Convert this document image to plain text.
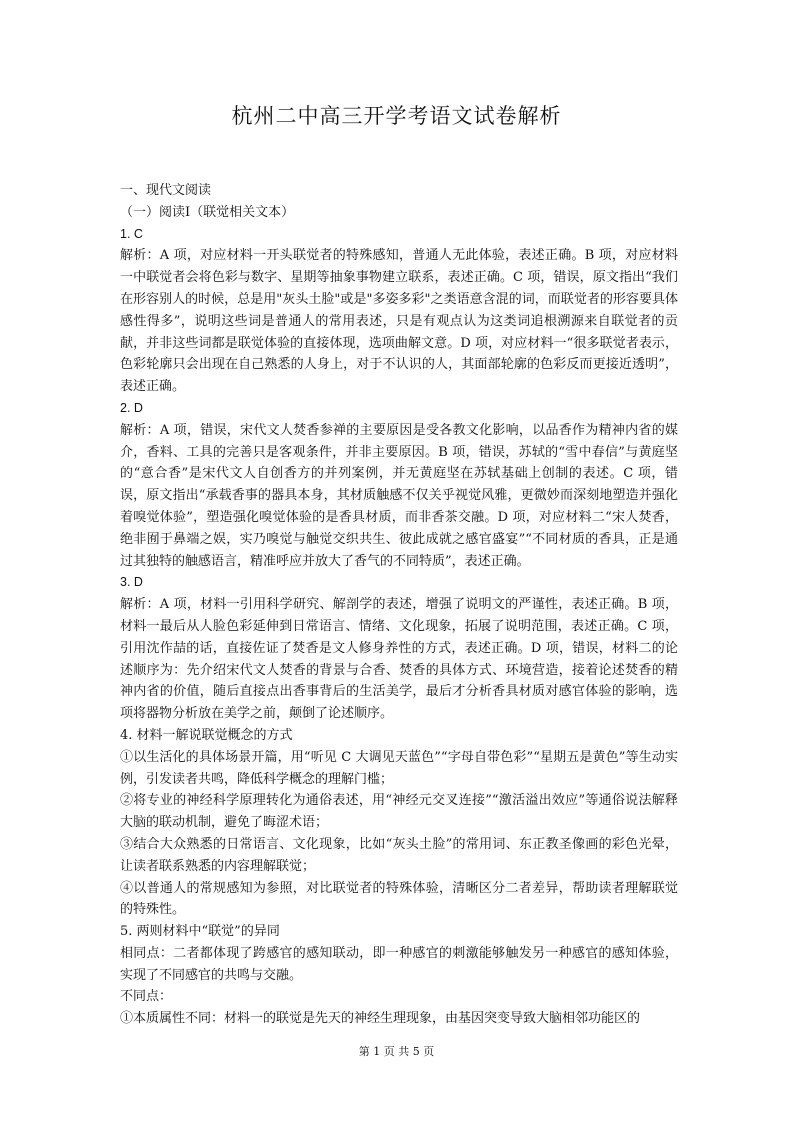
杭州二中高三开学考语文试卷解析

一、现代文阅读

（一）阅读Ⅰ（联觉相关文本）

1. C

解析：A 项，对应材料一开头联觉者的特殊感知，普通人无此体验，表述正确。B 项，对应材料一中联觉者会将色彩与数字、星期等抽象事物建立联系，表述正确。C 项，错误，原文指出“我们在形容别人的时候，总是用"灰头土脸"或是"多姿多彩"之类语意含混的词，而联觉者的形容要具体感性得多”，说明这些词是普通人的常用表述，只是有观点认为这类词追根溯源来自联觉者的贡献，并非这些词都是联觉体验的直接体现，选项曲解文意。D 项，对应材料一“很多联觉者表示，色彩轮廓只会出现在自己熟悉的人身上，对于不认识的人，其面部轮廓的色彩反而更接近透明”，表述正确。

2. D

解析：A 项，错误，宋代文人焚香参禅的主要原因是受各教文化影响，以品香作为精神内省的媒介，香料、工具的完善只是客观条件，并非主要原因。B 项，错误，苏轼的“雪中春信”与黄庭坚的“意合香”是宋代文人自创香方的并列案例，并无黄庭坚在苏轼基础上创制的表述。C 项，错误，原文指出“承载香事的器具本身，其材质触感不仅关乎视觉风雅，更微妙而深刻地塑造并强化着嗅觉体验”，塑造强化嗅觉体验的是香具材质，而非香茶交融。D 项，对应材料二“宋人焚香，绝非囿于鼻端之娱，实乃嗅觉与触觉交织共生、彼此成就之感官盛宴”“不同材质的香具，正是通过其独特的触感语言，精准呼应并放大了香气的不同特质”，表述正确。

3. D

解析：A 项，材料一引用科学研究、解剖学的表述，增强了说明文的严谨性，表述正确。B 项，材料一最后从人脸色彩延伸到日常语言、情绪、文化现象，拓展了说明范围，表述正确。C 项，引用沈作喆的话，直接佐证了焚香是文人修身养性的方式，表述正确。D 项，错误，材料二的论述顺序为：先介绍宋代文人焚香的背景与合香、焚香的具体方式、环境营造，接着论述焚香的精神内省的价值，随后直接点出香事背后的生活美学，最后才分析香具材质对感官体验的影响，选项将器物分析放在美学之前，颠倒了论述顺序。

4. 材料一解说联觉概念的方式

①以生活化的具体场景开篇，用“听见 C 大调见天蓝色”“字母自带色彩”“星期五是黄色”等生动实例，引发读者共鸣，降低科学概念的理解门槛；

②将专业的神经科学原理转化为通俗表述，用“神经元交叉连接”“激活溢出效应”等通俗说法解释大脑的联动机制，避免了晦涩术语；

③结合大众熟悉的日常语言、文化现象，比如“灰头土脸”的常用词、东正教圣像画的彩色光晕，让读者联系熟悉的内容理解联觉；

④以普通人的常规感知为参照，对比联觉者的特殊体验，清晰区分二者差异，帮助读者理解联觉的特殊性。

5. 两则材料中“联觉”的异同

相同点：二者都体现了跨感官的感知联动，即一种感官的刺激能够触发另一种感官的感知体验，实现了不同感官的共鸣与交融。

不同点：

①本质属性不同：材料一的联觉是先天的神经生理现象，由基因突变导致大脑相邻功能区的

第 1 页 共 5 页
